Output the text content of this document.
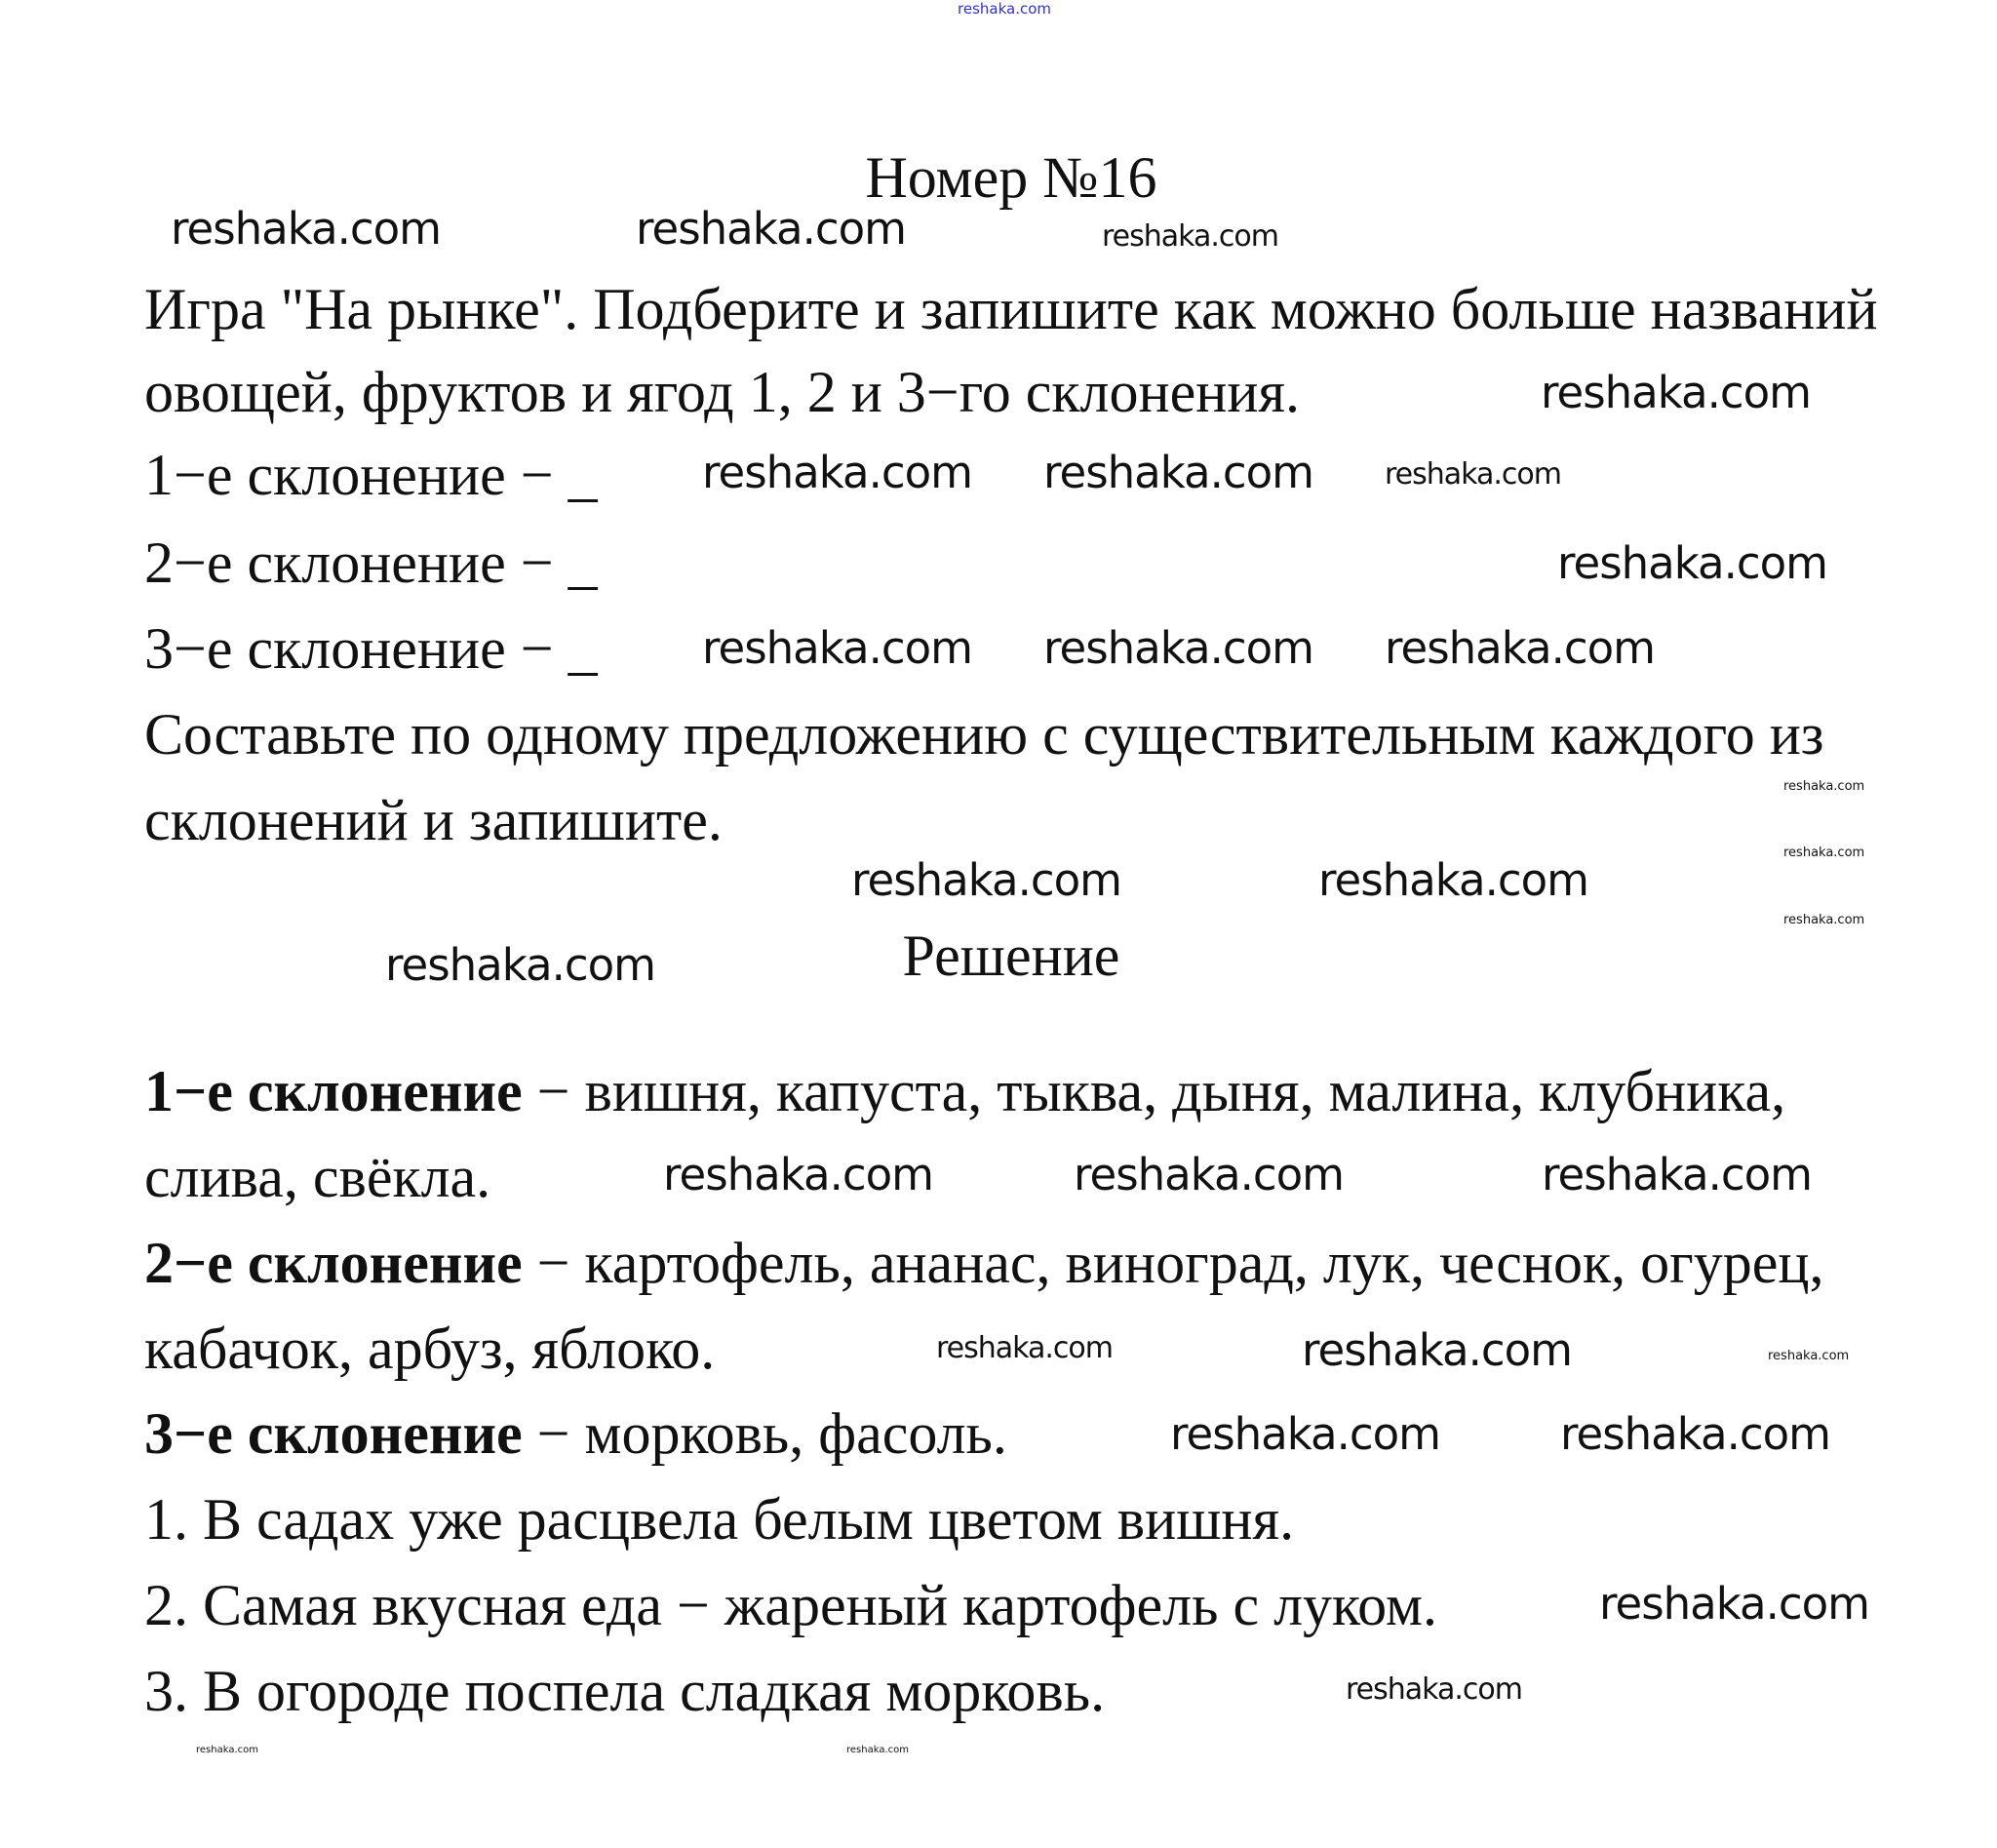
reshaka.com
reshaka.com	reshaka.com	reshaka.com
reshaka.com
reshaka.com
reshaka.com reshaka.com
reshaka.com
reshaka.com
reshaka.com reshaka.com
reshaka.com
reshaka.com
reshaka.com
reshaka.com	reshaka.com
reshaka.com
reshaka.com	reshaka.com
reshaka.com
reshaka.com	reshaka.com	reshaka.com
reshaka.com	reshaka.com
reshaka.com
reshaka.com	reshaka.com
reshaka.com
Номер №16
Игра "На рынке". Подберите и запишите как можно больше названий
овощей, фруктов и ягод 1, 2 и 3−го склонения.
1−е склонение − _
2−е склонение − _
3−е склонение − _
Составьте по одному предложению с существительным каждого из
склонений и запишите.
Решение
1−е склонение − вишня, капуста, тыква, дыня, малина, клубника,
слива, свёкла.
2−е склонение − картофель, ананас, виноград, лук, чеснок, огурец,
кабачок, арбуз, яблоко.
3−е склонение − морковь, фасоль.
1. В садах уже расцвела белым цветом вишня.
2. Самая вкусная еда − жареный картофель с луком.
3. В огороде поспела сладкая морковь.
